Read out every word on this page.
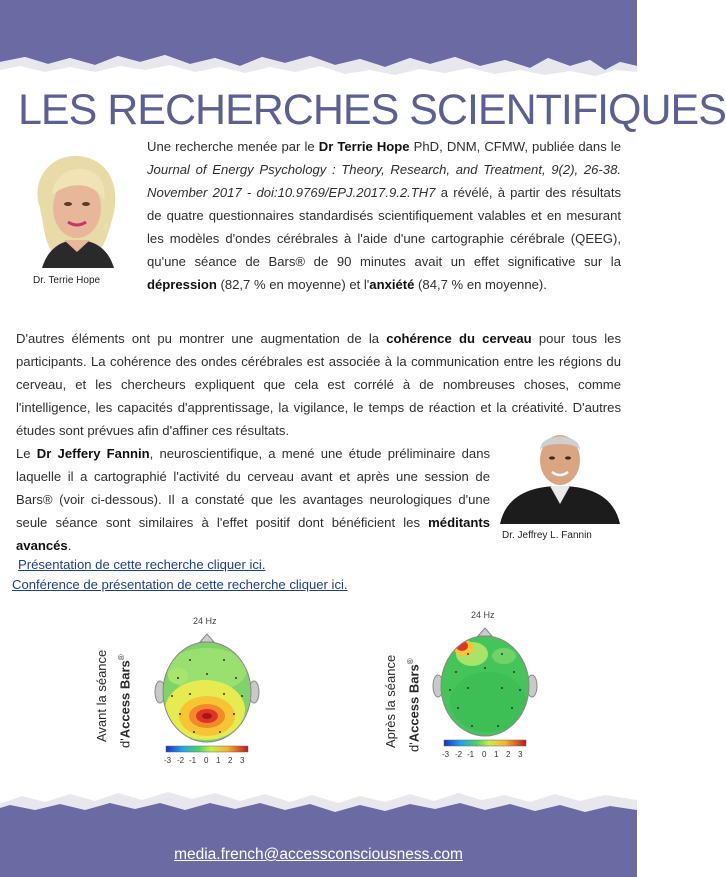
LES RECHERCHES SCIENTIFIQUES
Dr. Terrie Hope
Une recherche menée par le Dr Terrie Hope PhD, DNM, CFMW, publiée dans le Journal of Energy Psychology : Theory, Research, and Treatment, 9(2), 26-38. November 2017 - doi:10.9769/EPJ.2017.9.2.TH7 a révélé, à partir des résultats de quatre questionnaires standardisés scientifiquement valables et en mesurant les modèles d'ondes cérébrales à l'aide d'une cartographie cérébrale (QEEG), qu'une séance de Bars® de 90 minutes avait un effet significative sur la dépression (82,7 % en moyenne) et l'anxiété (84,7 % en moyenne).
D'autres éléments ont pu montrer une augmentation de la cohérence du cerveau pour tous les participants. La cohérence des ondes cérébrales est associée à la communication entre les régions du cerveau, et les chercheurs expliquent que cela est corrélé à de nombreuses choses, comme l'intelligence, les capacités d'apprentissage, la vigilance, le temps de réaction et la créativité. D'autres études sont prévues afin d'affiner ces résultats.
Dr. Jeffrey L. Fannin
Le Dr Jeffery Fannin, neuroscientifique, a mené une étude préliminaire dans laquelle il a cartographié l'activité du cerveau avant et après une session de Bars® (voir ci-dessous). Il a constaté que les avantages neurologiques d'une seule séance sont similaires à l'effet positif dont bénéficient les méditants avancés.
Présentation de cette recherche cliquer ici.
Conférence de présentation de cette recherche cliquer ici.
Avant la séance
d'Access Bars®
24 Hz
-3 -2 -1 0 1 2 3
Après la séance d'Access Bars®
24 Hz
-3 -2 -1 0 1 2 3
media.french@accessconsciousness.com
